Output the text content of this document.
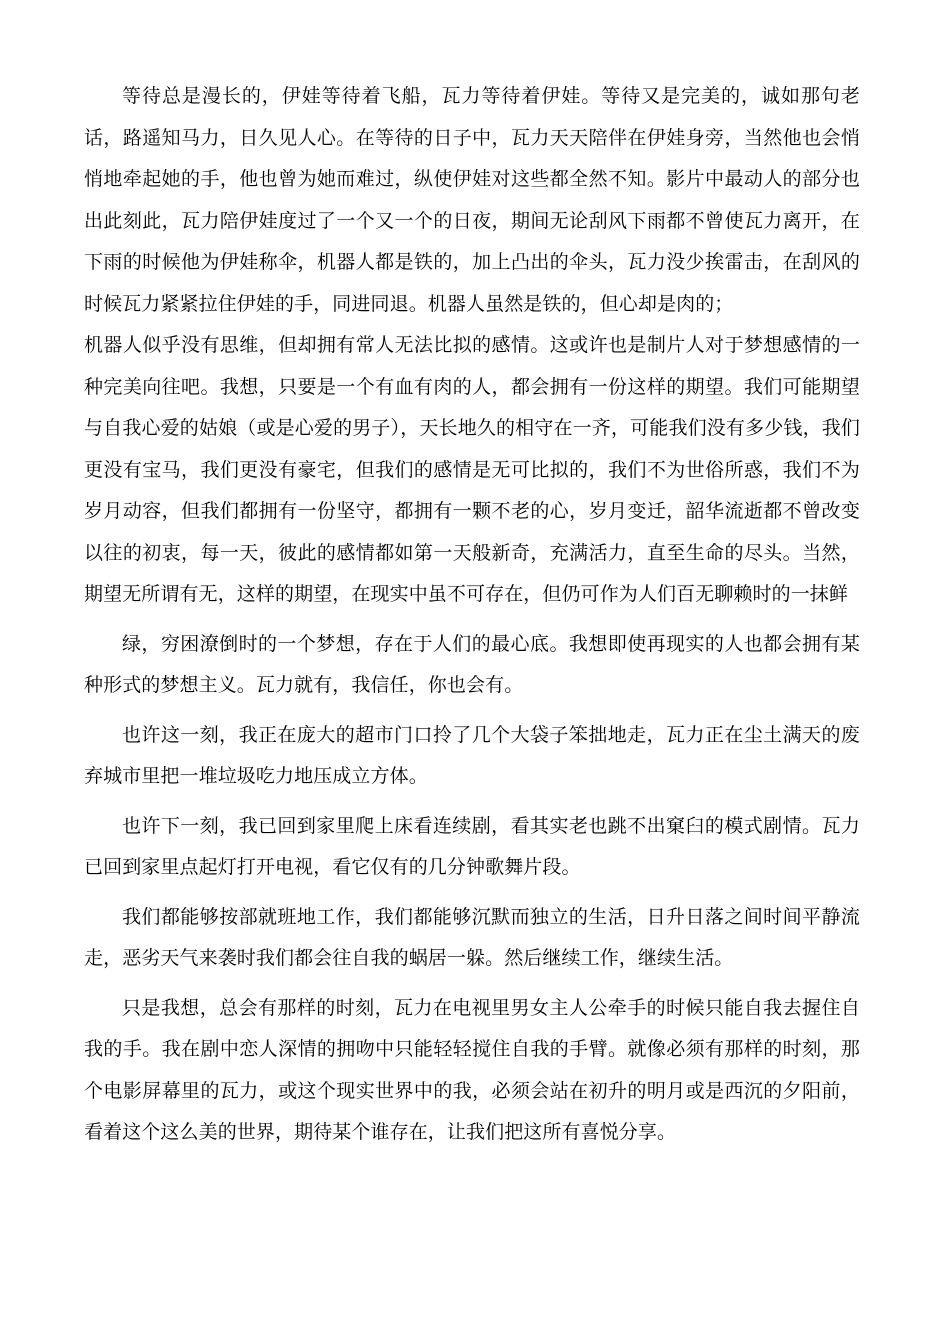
等待总是漫长的，伊娃等待着飞船，瓦力等待着伊娃。等待又是完美的，诚如那句老话，路遥知马力，日久见人心。在等待的日子中，瓦力天天陪伴在伊娃身旁，当然他也会悄悄地牵起她的手，他也曾为她而难过，纵使伊娃对这些都全然不知。影片中最动人的部分也出此刻此，瓦力陪伊娃度过了一个又一个的日夜，期间无论刮风下雨都不曾使瓦力离开，在下雨的时候他为伊娃称伞，机器人都是铁的，加上凸出的伞头，瓦力没少挨雷击，在刮风的时候瓦力紧紧拉住伊娃的手，同进同退。机器人虽然是铁的，但心却是肉的；

机器人似乎没有思维，但却拥有常人无法比拟的感情。这或许也是制片人对于梦想感情的一种完美向往吧。我想，只要是一个有血有肉的人，都会拥有一份这样的期望。我们可能期望与自我心爱的姑娘（或是心爱的男子），天长地久的相守在一齐，可能我们没有多少钱，我们更没有宝马，我们更没有豪宅，但我们的感情是无可比拟的，我们不为世俗所惑，我们不为岁月动容，但我们都拥有一份坚守，都拥有一颗不老的心，岁月变迁，韶华流逝都不曾改变以往的初衷，每一天，彼此的感情都如第一天般新奇，充满活力，直至生命的尽头。当然，期望无所谓有无，这样的期望，在现实中虽不可存在，但仍可作为人们百无聊赖时的一抹鲜

绿，穷困潦倒时的一个梦想，存在于人们的最心底。我想即使再现实的人也都会拥有某种形式的梦想主义。瓦力就有，我信任，你也会有。

也许这一刻，我正在庞大的超市门口拎了几个大袋子笨拙地走，瓦力正在尘土满天的废弃城市里把一堆垃圾吃力地压成立方体。

也许下一刻，我已回到家里爬上床看连续剧，看其实老也跳不出窠臼的模式剧情。瓦力已回到家里点起灯打开电视，看它仅有的几分钟歌舞片段。

我们都能够按部就班地工作，我们都能够沉默而独立的生活，日升日落之间时间平静流走，恶劣天气来袭时我们都会往自我的蜗居一躲。然后继续工作，继续生活。

只是我想，总会有那样的时刻，瓦力在电视里男女主人公牵手的时候只能自我去握住自我的手。我在剧中恋人深情的拥吻中只能轻轻搅住自我的手臂。就像必须有那样的时刻，那个电影屏幕里的瓦力，或这个现实世界中的我，必须会站在初升的明月或是西沉的夕阳前，看着这个这么美的世界，期待某个谁存在，让我们把这所有喜悦分享。
